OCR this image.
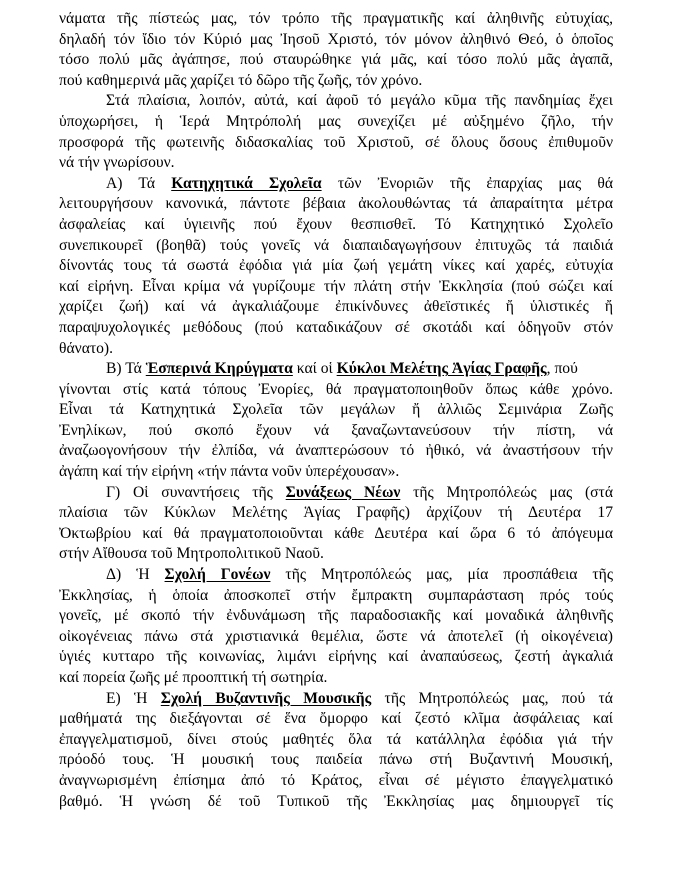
νάματα τῆς πίστεώς μας, τόν τρόπο τῆς πραγματικῆς καί ἀληθινῆς εὐτυχίας,
δηλαδή τόν ἴδιο τόν Κύριό μας Ἰησοῦ Χριστό, τόν μόνον ἀληθινό Θεό, ὁ ὁποῖος
τόσο πολύ μᾶς ἀγάπησε, πού σταυρώθηκε γιά μᾶς, καί τόσο πολύ μᾶς ἀγαπᾶ,
πού καθημερινά μᾶς χαρίζει τό δῶρο τῆς ζωῆς, τόν χρόνο.
Στά πλαίσια, λοιπόν, αὐτά, καί ἀφοῦ τό μεγάλο κῦμα τῆς πανδημίας ἔχει
ὑποχωρήσει, ἡ Ἱερά Μητρόπολή μας συνεχίζει μέ αὐξημένο ζῆλο, τήν
προσφορά τῆς φωτεινῆς διδασκαλίας τοῦ Χριστοῦ, σέ ὅλους ὅσους ἐπιθυμοῦν
νά τήν γνωρίσουν.
Α) Τά Κατηχητικά Σχολεῖα τῶν Ἐνοριῶν τῆς ἐπαρχίας μας θά
λειτουργήσουν κανονικά, πάντοτε βέβαια ἀκολουθώντας τά ἀπαραίτητα μέτρα
ἀσφαλείας καί ὑγιεινῆς πού ἔχουν θεσπισθεῖ. Τό Κατηχητικό Σχολεῖο
συνεπικουρεῖ (βοηθᾶ) τούς γονεῖς νά διαπαιδαγωγήσουν ἐπιτυχῶς τά παιδιά
δίνοντάς τους τά σωστά ἐφόδια γιά μία ζωή γεμάτη νίκες καί χαρές, εὐτυχία
καί εἰρήνη. Εἶναι κρίμα νά γυρίζουμε τήν πλάτη στήν Ἐκκλησία (πού σώζει καί
χαρίζει ζωή) καί νά ἀγκαλιάζουμε ἐπικίνδυνες ἀθεϊστικές ἤ ὑλιστικές ἤ
παραψυχολογικές μεθόδους (πού καταδικάζουν σέ σκοτάδι καί ὁδηγοῦν στόν
θάνατο).
Β) Τά Ἑσπερινά Κηρύγματα καί οἱ Κύκλοι Μελέτης Ἁγίας Γραφῆς, πού
γίνονται στίς κατά τόπους Ἐνορίες, θά πραγματοποιηθοῦν ὅπως κάθε χρόνο.
Εἶναι τά Κατηχητικά Σχολεῖα τῶν μεγάλων ἤ ἀλλιῶς Σεμινάρια Ζωῆς
Ἐνηλίκων, πού σκοπό ἔχουν νά ξαναζωντανεύσουν τήν πίστη, νά
ἀναζωογονήσουν τήν ἐλπίδα, νά ἀναπτερώσουν τό ἠθικό, νά ἀναστήσουν τήν
ἀγάπη καί τήν εἰρήνη «τήν πάντα νοῦν ὑπερέχουσαν».
Γ) Οἱ συναντήσεις τῆς Συνάξεως Νέων τῆς Μητροπόλεώς μας (στά
πλαίσια τῶν Κύκλων Μελέτης Ἁγίας Γραφῆς) ἀρχίζουν τή Δευτέρα 17
Ὀκτωβρίου καί θά πραγματοποιοῦνται κάθε Δευτέρα καί ὥρα 6 τό ἀπόγευμα
στήν Αἴθουσα τοῦ Μητροπολιτικοῦ Ναοῦ.
Δ) Ἡ Σχολή Γονέων τῆς Μητροπόλεώς μας, μία προσπάθεια τῆς
Ἐκκλησίας, ἡ ὁποία ἀποσκοπεῖ στήν ἔμπρακτη συμπαράσταση πρός τούς
γονεῖς, μέ σκοπό τήν ἐνδυνάμωση τῆς παραδοσιακῆς καί μοναδικά ἀληθινῆς
οἰκογένειας πάνω στά χριστιανικά θεμέλια, ὥστε νά ἀποτελεῖ (ἡ οἰκογένεια)
ὑγιές κυτταρο τῆς κοινωνίας, λιμάνι εἰρήνης καί ἀναπαύσεως, ζεστή ἀγκαλιά
καί πορεία ζωῆς μέ προοπτική τή σωτηρία.
Ε) Ἡ Σχολή Βυζαντινῆς Μουσικῆς τῆς Μητροπόλεώς μας, πού τά
μαθήματά της διεξάγονται σέ ἕνα ὄμορφο καί ζεστό κλῖμα ἀσφάλειας καί
ἐπαγγελματισμοῦ, δίνει στούς μαθητές ὅλα τά κατάλληλα ἐφόδια γιά τήν
πρόοδό τους. Ἡ μουσική τους παιδεία πάνω στή Βυζαντινή Μουσική,
ἀναγνωρισμένη ἐπίσημα ἀπό τό Κράτος, εἶναι σέ μέγιστο ἐπαγγελματικό
βαθμό. Ἡ γνώση δέ τοῦ Τυπικοῦ τῆς Ἐκκλησίας μας δημιουργεῖ τίς
